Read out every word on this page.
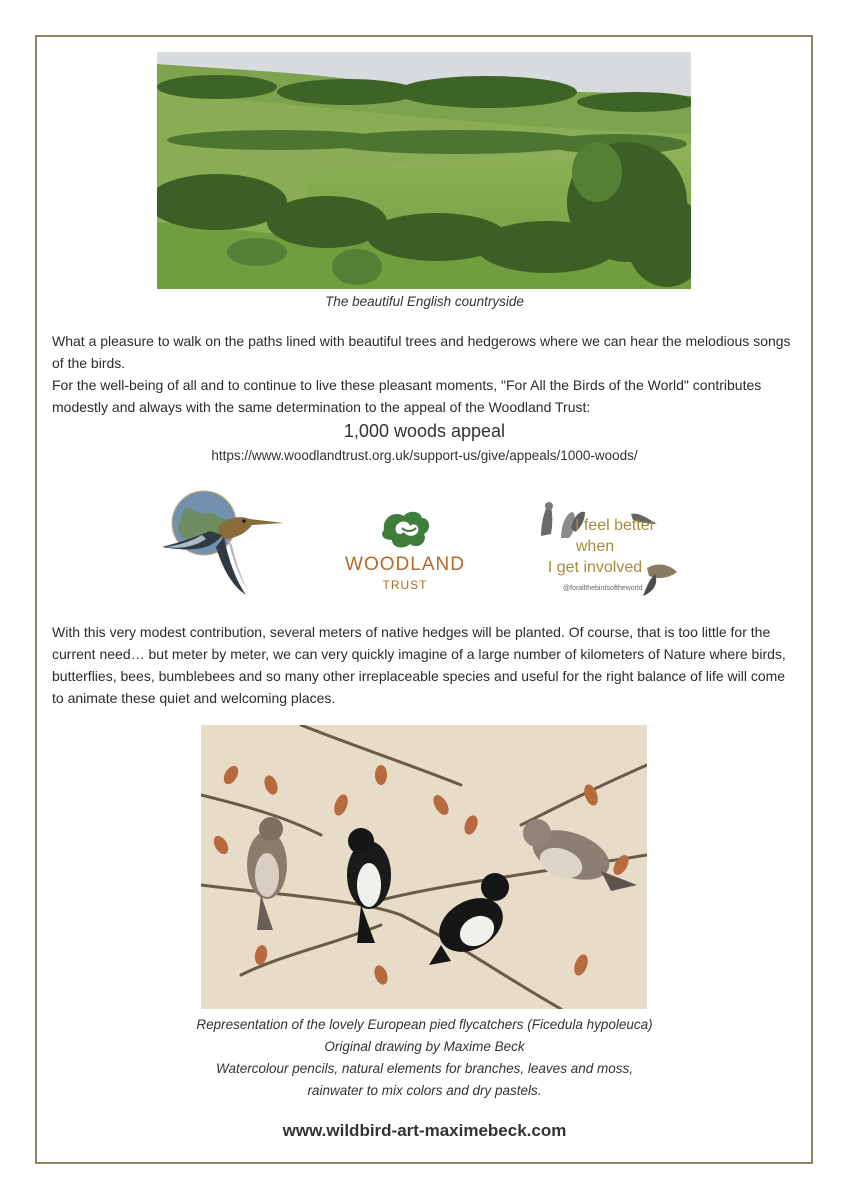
The beautiful English countryside

What a pleasure to walk on the paths lined with beautiful trees and hedgerows where we can hear the melodious songs of the birds.

For the well-being of all and to continue to live these pleasant moments, "For All the Birds of the World" contributes modestly and always with the same determination to the appeal of the Woodland Trust:

1,000 woods appeal
https://www.woodlandtrust.org.uk/support-us/give/appeals/1000-woods/
WOODLAND
TRUST
I feel better
when
I get involved
@forallthebirdsoftheworld
With this very modest contribution, several meters of native hedges will be planted. Of course, that is too little for the current need… but meter by meter, we can very quickly imagine of a large number of kilometers of Nature where birds, butterflies, bees, bumblebees and so many other irreplaceable species and useful for the right balance of life will come to animate these quiet and welcoming places.
Representation of the lovely European pied flycatchers (Ficedula hypoleuca)
Original drawing by Maxime Beck
Watercolour pencils, natural elements for branches, leaves and moss,
rainwater to mix colors and dry pastels.
www.wildbird-art-maximebeck.com
